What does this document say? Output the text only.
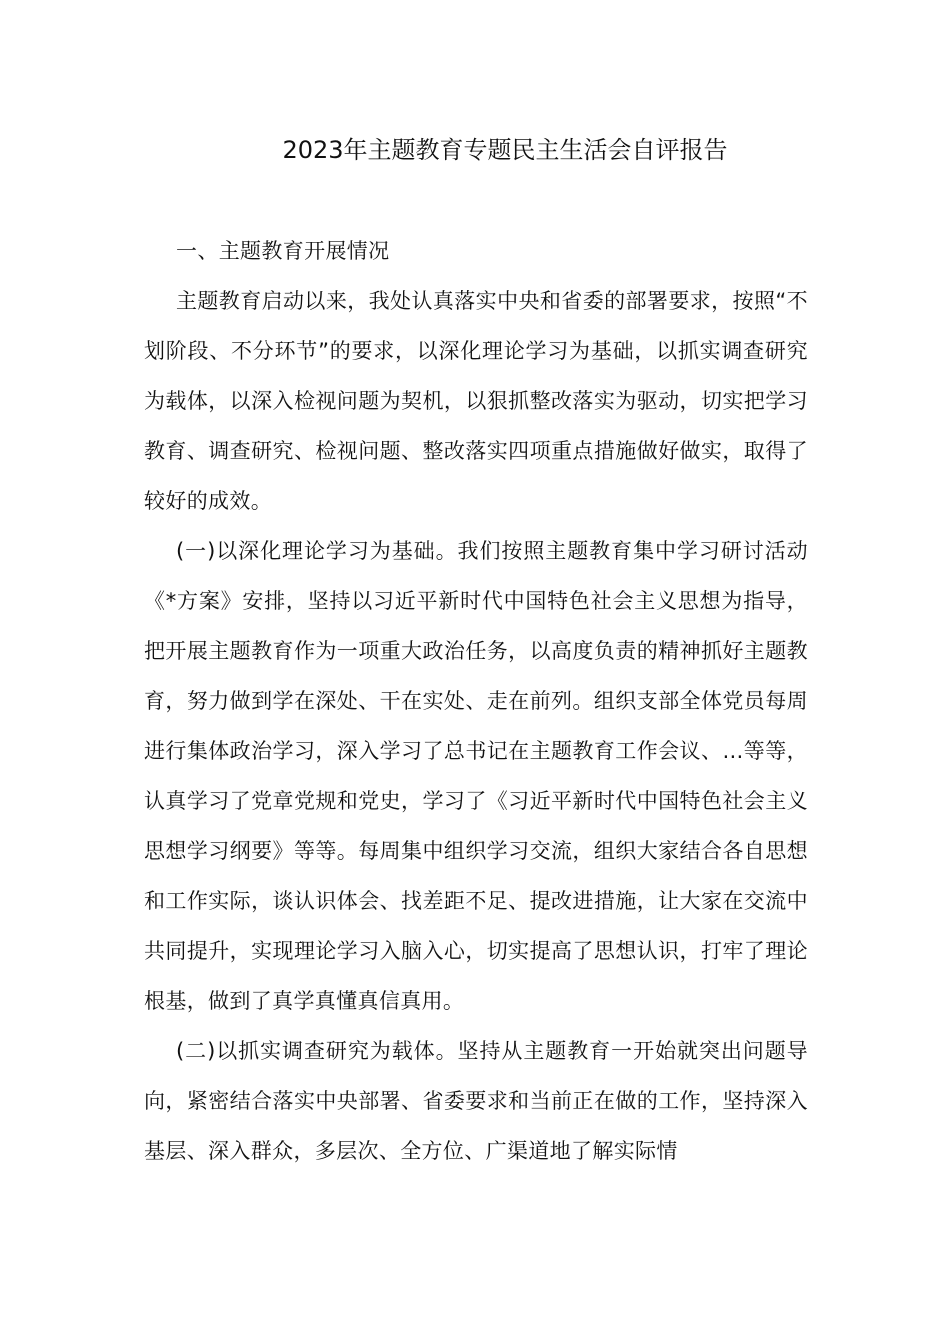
2023年主题教育专题民主生活会自评报告

一、主题教育开展情况

主题教育启动以来，我处认真落实中央和省委的部署要求，按照“不划阶段、不分环节”的要求，以深化理论学习为基础，以抓实调查研究为载体，以深入检视问题为契机，以狠抓整改落实为驱动，切实把学习教育、调查研究、检视问题、整改落实四项重点措施做好做实，取得了较好的成效。

(一)以深化理论学习为基础。我们按照主题教育集中学习研讨活动《*方案》安排，坚持以习近平新时代中国特色社会主义思想为指导，把开展主题教育作为一项重大政治任务，以高度负责的精神抓好主题教育，努力做到学在深处、干在实处、走在前列。组织支部全体党员每周进行集体政治学习，深入学习了总书记在主题教育工作会议、…等等，认真学习了党章党规和党史，学习了《习近平新时代中国特色社会主义思想学习纲要》等等。每周集中组织学习交流，组织大家结合各自思想和工作实际，谈认识体会、找差距不足、提改进措施，让大家在交流中共同提升，实现理论学习入脑入心，切实提高了思想认识，打牢了理论根基，做到了真学真懂真信真用。

(二)以抓实调查研究为载体。坚持从主题教育一开始就突出问题导向，紧密结合落实中央部署、省委要求和当前正在做的工作，坚持深入基层、深入群众，多层次、全方位、广渠道地了解实际情
